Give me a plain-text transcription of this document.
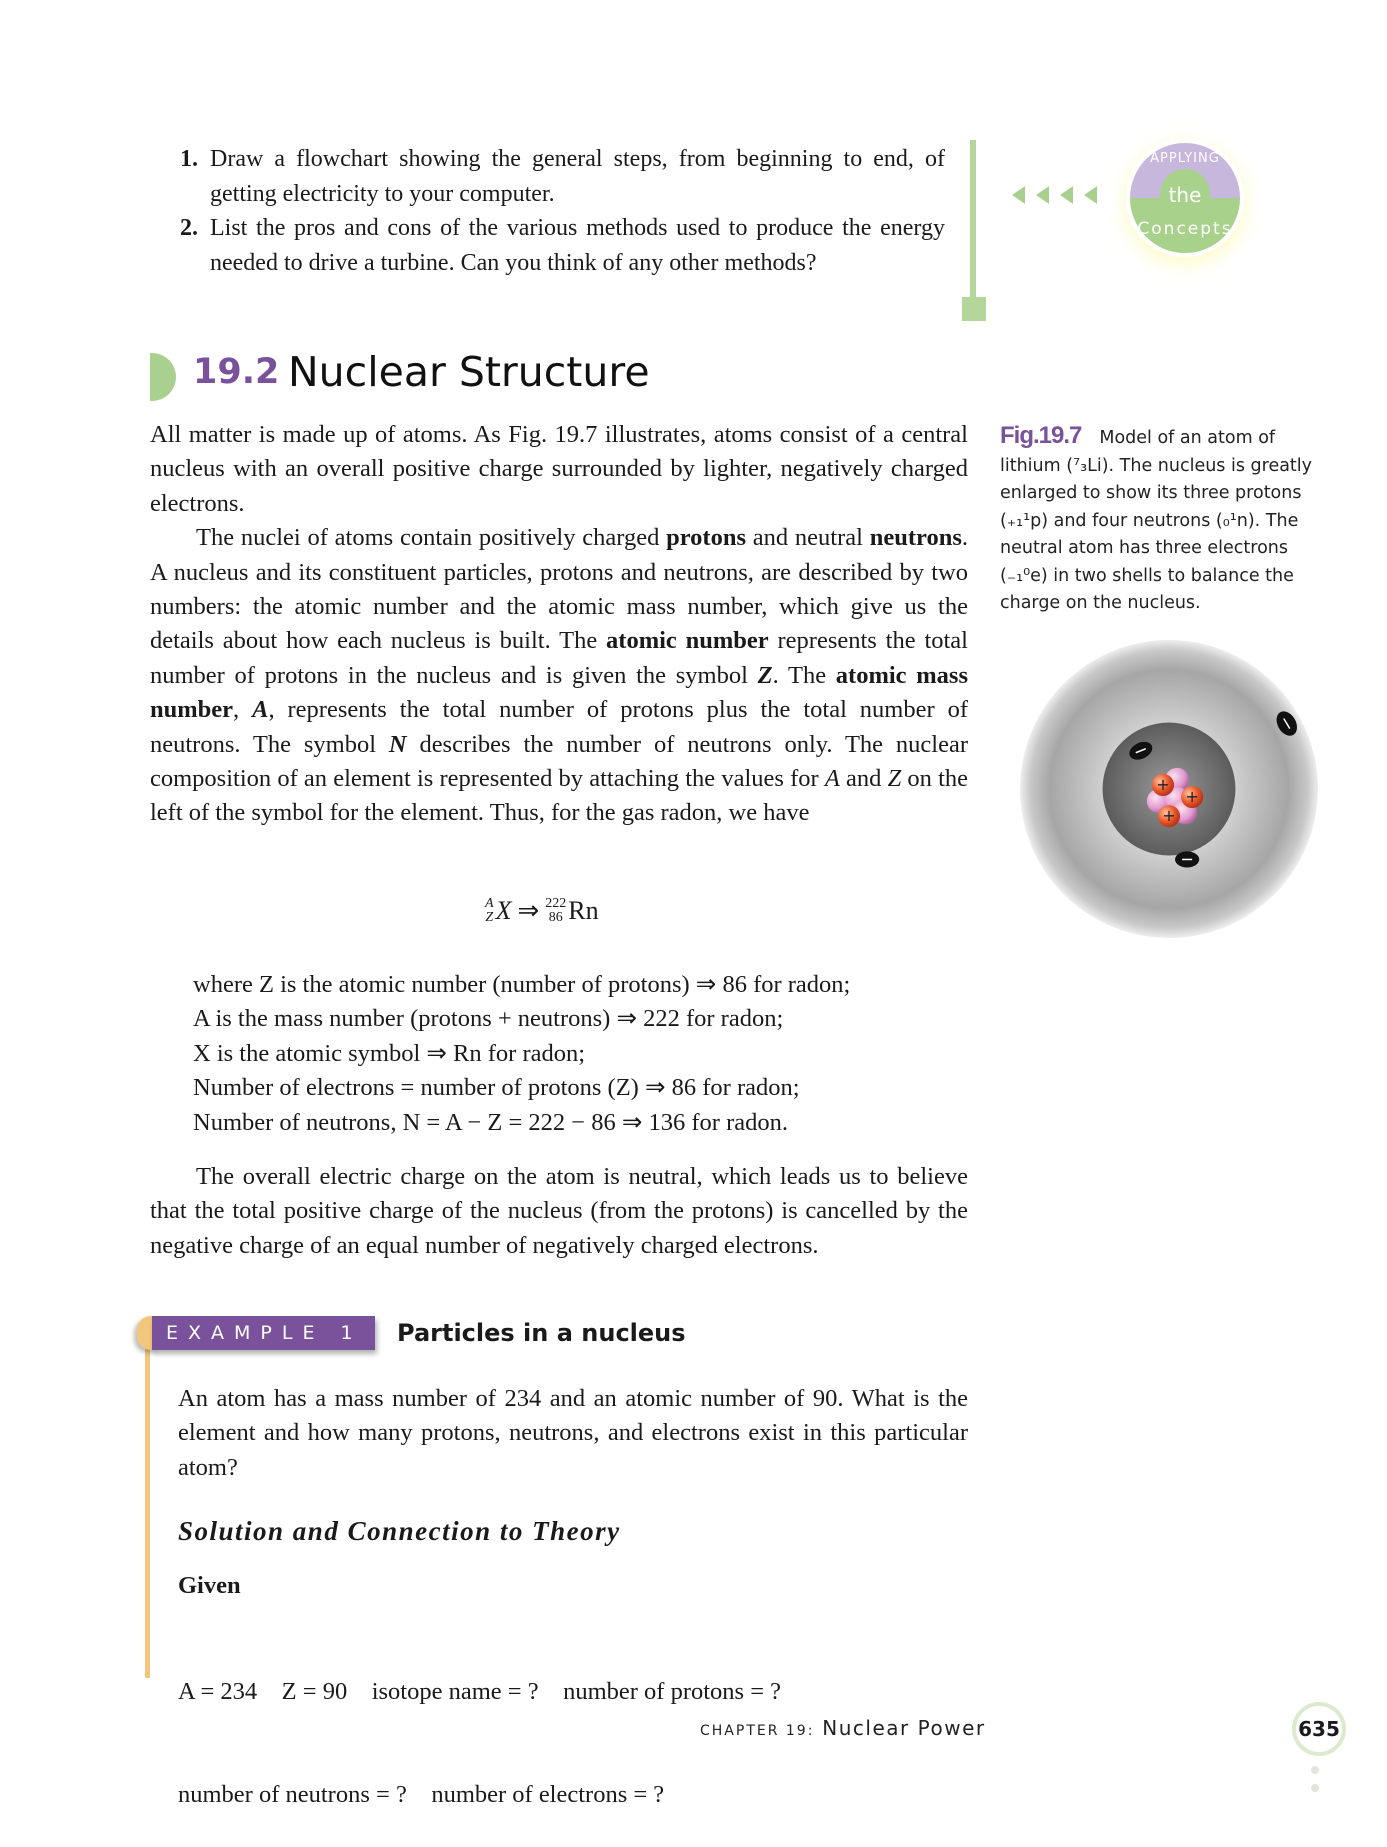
1. Draw a flowchart showing the general steps, from beginning to end, of getting electricity to your computer.
2. List the pros and cons of the various methods used to produce the energy needed to drive a turbine. Can you think of any other methods?
APPLYING
the
Concepts
19.2 Nuclear Structure

All matter is made up of atoms. As Fig. 19.7 illustrates, atoms consist of a central nucleus with an overall positive charge surrounded by lighter, negatively charged electrons.

The nuclei of atoms contain positively charged protons and neutral neutrons. A nucleus and its constituent particles, protons and neutrons, are described by two numbers: the atomic number and the atomic mass number, which give us the details about how each nucleus is built. The atomic number represents the total number of protons in the nucleus and is given the symbol Z. The atomic mass number, A, represents the total number of protons plus the total number of neutrons. The symbol N describes the number of neutrons only. The nuclear composition of an element is represented by attaching the values for A and Z on the left of the symbol for the element. Thus, for the gas radon, we have

A
Z X ⇒ 222
86 Rn
where Z is the atomic number (number of protons) ⇒ 86 for radon;
A is the mass number (protons + neutrons) ⇒ 222 for radon;
X is the atomic symbol ⇒ Rn for radon;
Number of electrons = number of protons (Z) ⇒ 86 for radon;
Number of neutrons, N = A − Z = 222 − 86 ⇒ 136 for radon.
The overall electric charge on the atom is neutral, which leads us to believe that the total positive charge of the nucleus (from the protons) is cancelled by the negative charge of an equal number of negatively charged electrons.
EXAMPLE 1	Particles in a nucleus
An atom has a mass number of 234 and an atomic number of 90. What is the element and how many protons, neutrons, and electrons exist in this particular atom?
Solution and Connection to Theory
Given

A = 234    Z = 90    isotope name = ?    number of protons = ?

number of neutrons = ?    number of electrons = ?

Fig.19.7 Model of an atom of lithium (⁷₃Li). The nucleus is greatly enlarged to show its three protons (₊₁¹p) and four neutrons (₀¹n). The neutral atom has three electrons (₋₁⁰e) in two shells to balance the charge on the nucleus.
+
+
+
CHAPTER 19: Nuclear Power	635
